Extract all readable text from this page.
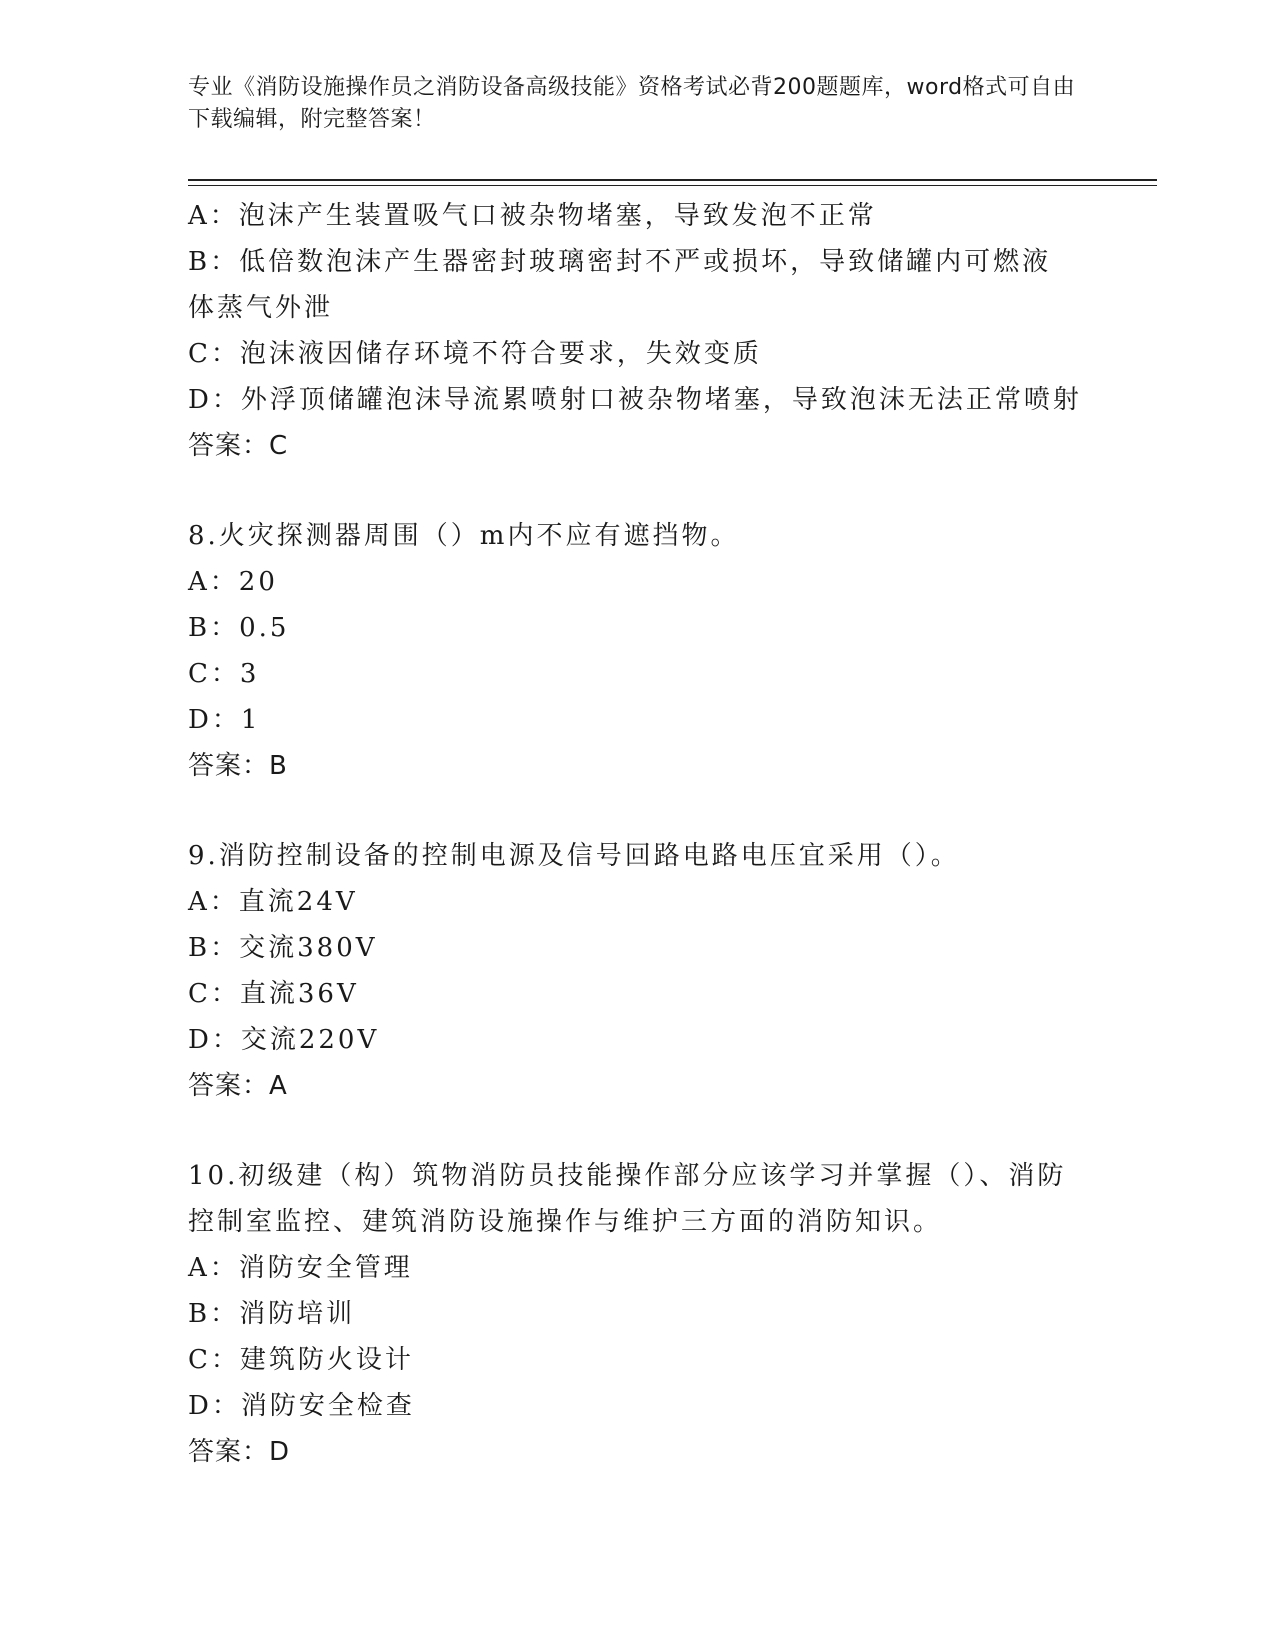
专业《消防设施操作员之消防设备高级技能》资格考试必背200题题库，word格式可自由下载编辑，附完整答案！
A：泡沫产生装置吸气口被杂物堵塞，导致发泡不正常
B：低倍数泡沫产生器密封玻璃密封不严或损坏，导致储罐内可燃液体蒸气外泄
C：泡沫液因储存环境不符合要求，失效变质
D：外浮顶储罐泡沫导流累喷射口被杂物堵塞，导致泡沫无法正常喷射
答案：C
8.火灾探测器周围（）m内不应有遮挡物。
A：20
B：0.5
C：3
D：1
答案：B
9.消防控制设备的控制电源及信号回路电路电压宜采用（）。
A：直流24V
B：交流380V
C：直流36V
D：交流220V
答案：A
10.初级建（构）筑物消防员技能操作部分应该学习并掌握（）、消防控制室监控、建筑消防设施操作与维护三方面的消防知识。
A：消防安全管理
B：消防培训
C：建筑防火设计
D：消防安全检查
答案：D
